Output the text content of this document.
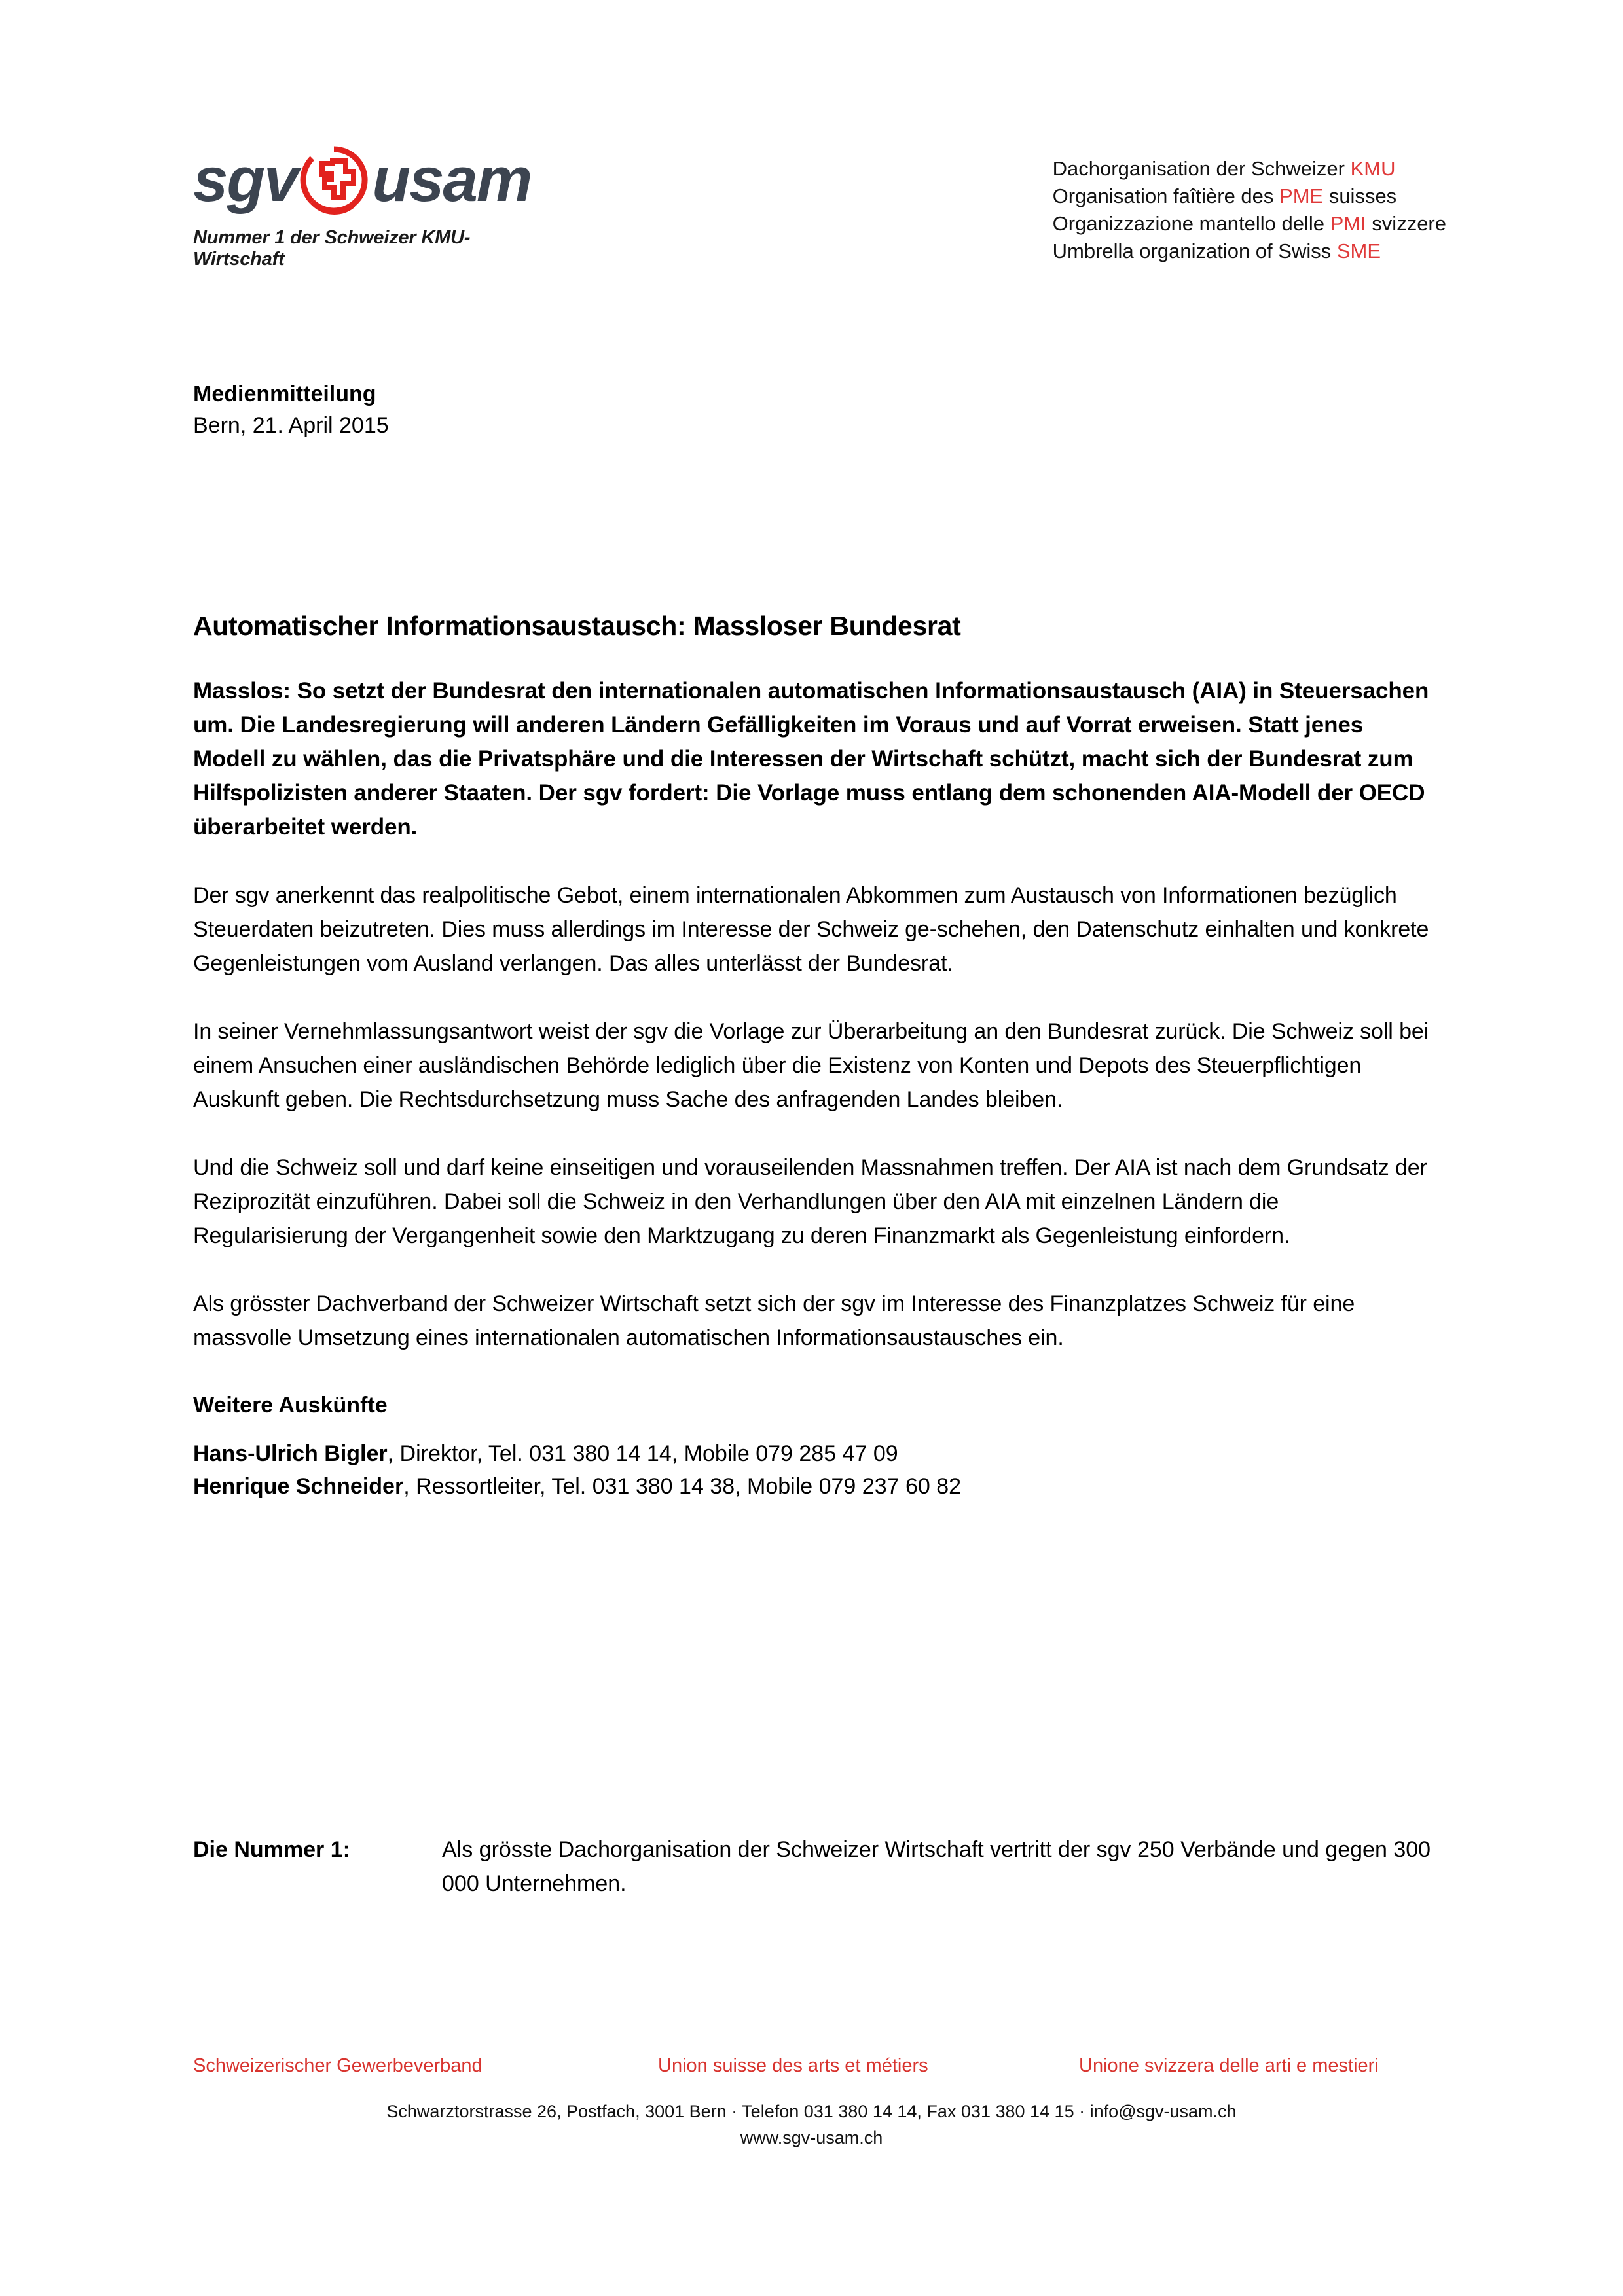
sgv usam
Nummer 1 der Schweizer KMU-Wirtschaft
Dachorganisation der Schweizer KMU
Organisation faîtière des PME suisses
Organizzazione mantello delle PMI svizzere
Umbrella organization of Swiss SME
Medienmitteilung
Bern, 21. April 2015
Automatischer Informationsaustausch: Massloser Bundesrat

Masslos: So setzt der Bundesrat den internationalen automatischen Informationsaustausch (AIA) in Steuersachen um. Die Landesregierung will anderen Ländern Gefälligkeiten im Voraus und auf Vorrat erweisen. Statt jenes Modell zu wählen, das die Privatsphäre und die Interessen der Wirtschaft schützt, macht sich der Bundesrat zum Hilfspolizisten anderer Staaten. Der sgv fordert: Die Vorlage muss entlang dem schonenden AIA-Modell der OECD überarbeitet werden.

Der sgv anerkennt das realpolitische Gebot, einem internationalen Abkommen zum Austausch von Informationen bezüglich Steuerdaten beizutreten. Dies muss allerdings im Interesse der Schweiz ge-schehen, den Datenschutz einhalten und konkrete Gegenleistungen vom Ausland verlangen. Das alles unterlässt der Bundesrat.

In seiner Vernehmlassungsantwort weist der sgv die Vorlage zur Überarbeitung an den Bundesrat zurück. Die Schweiz soll bei einem Ansuchen einer ausländischen Behörde lediglich über die Existenz von Konten und Depots des Steuerpflichtigen Auskunft geben. Die Rechtsdurchsetzung muss Sache des anfragenden Landes bleiben.

Und die Schweiz soll und darf keine einseitigen und vorauseilenden Massnahmen treffen. Der AIA ist nach dem Grundsatz der Reziprozität einzuführen. Dabei soll die Schweiz in den Verhandlungen über den AIA mit einzelnen Ländern die Regularisierung der Vergangenheit sowie den Marktzugang zu deren Finanzmarkt als Gegenleistung einfordern.

Als grösster Dachverband der Schweizer Wirtschaft setzt sich der sgv im Interesse des Finanzplatzes Schweiz für eine massvolle Umsetzung eines internationalen automatischen Informationsaustausches ein.

Weitere Auskünfte
Hans-Ulrich Bigler, Direktor, Tel. 031 380 14 14, Mobile 079 285 47 09
Henrique Schneider, Ressortleiter, Tel. 031 380 14 38, Mobile 079 237 60 82
Die Nummer 1:	Als grösste Dachorganisation der Schweizer Wirtschaft vertritt der sgv 250 Verbände und gegen 300 000 Unternehmen.
Schweizerischer Gewerbeverband	Union suisse des arts et métiers	Unione svizzera delle arti e mestieri
Schwarztorstrasse 26, Postfach, 3001 Bern · Telefon 031 380 14 14, Fax 031 380 14 15 · info@sgv-usam.ch
www.sgv-usam.ch
